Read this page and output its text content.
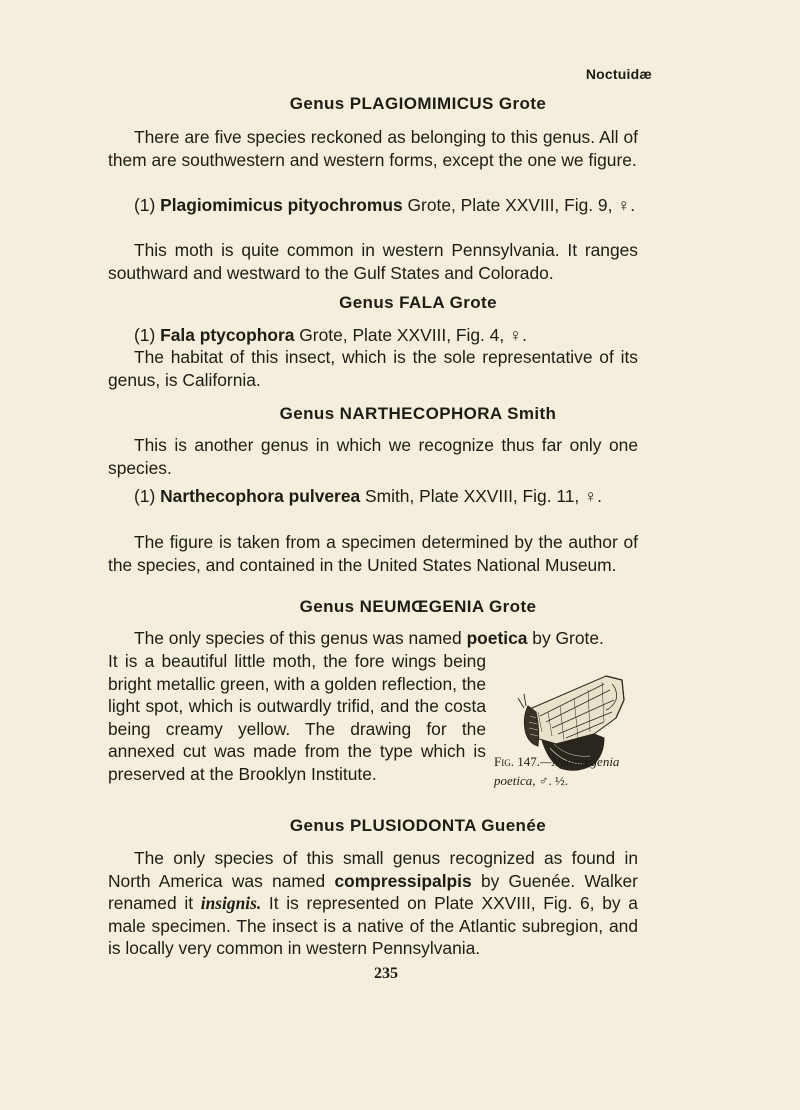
Noctuidæ
Genus PLAGIOMIMICUS Grote
There are five species reckoned as belonging to this genus. All of them are southwestern and western forms, except the one we figure.
(1) Plagiomimicus pityochromus Grote, Plate XXVIII, Fig. 9, ♀.
This moth is quite common in western Pennsylvania. It ranges southward and westward to the Gulf States and Colorado.
Genus FALA Grote
(1) Fala ptycophora Grote, Plate XXVIII, Fig. 4, ♀.
The habitat of this insect, which is the sole representative of its genus, is California.
Genus NARTHECOPHORA Smith
This is another genus in which we recognize thus far only one species.
(1) Narthecophora pulverea Smith, Plate XXVIII, Fig. 11, ♀.
The figure is taken from a specimen determined by the author of the species, and contained in the United States National Museum.
Genus NEUMŒGENIA Grote
The only species of this genus was named poetica by Grote.
It is a beautiful little moth, the fore wings being bright metallic green, with a golden reflection, the light spot, which is outwardly trifid, and the costa being creamy yellow. The drawing for the annexed cut was made from the type which is preserved at the Brooklyn Institute.
Fig. 147.—Neumœgenia poetica, ♂. ½.
Genus PLUSIODONTA Guenée
The only species of this small genus recognized as found in North America was named compressipalpis by Guenée. Walker renamed it insignis. It is represented on Plate XXVIII, Fig. 6, by a male specimen. The insect is a native of the Atlantic subregion, and is locally very common in western Pennsylvania.
235
